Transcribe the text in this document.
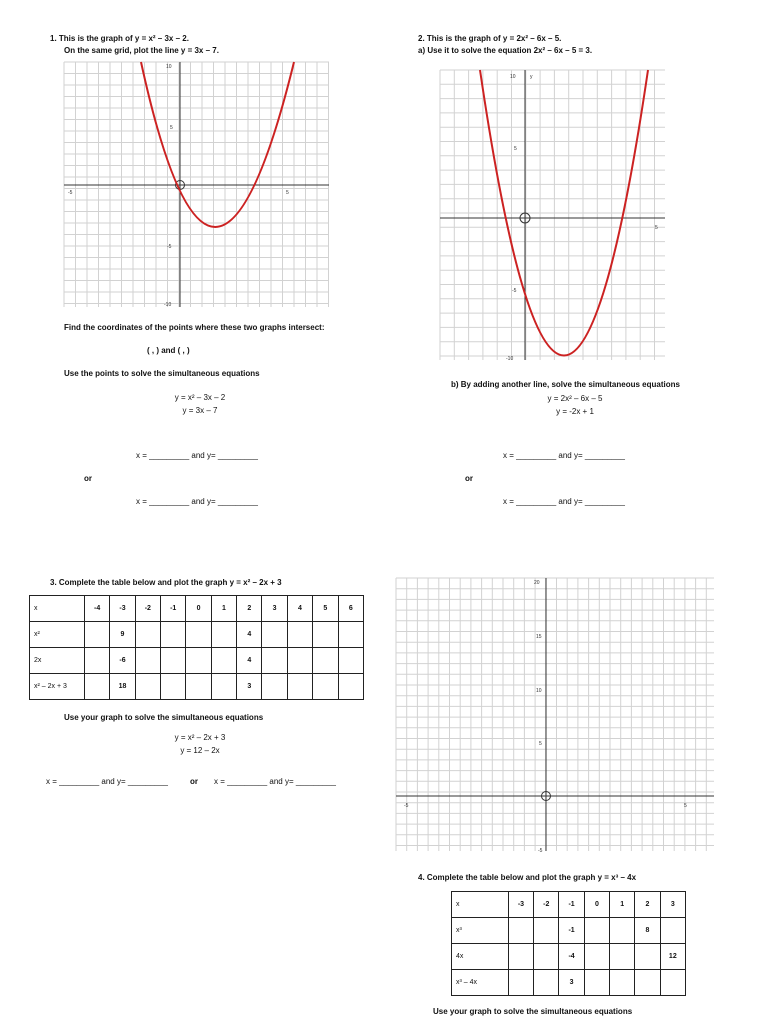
1. This is the graph of y = x² – 3x – 2.
On the same grid, plot the line y = 3x – 7.
10
5
-5
-10
-5	5
Find the coordinates of the points where these two graphs intersect:
( , ) and ( , )
Use the points to solve the simultaneous equations
y = x² – 3x – 2
y = 3x – 7
x = _________ and y= _________
or
x = _________ and y= _________
2. This is the graph of y = 2x² – 6x – 5.
a) Use it to solve the equation 2x² – 6x – 5 = 3.
10	y
5
-5
-10
5
b) By adding another line, solve the simultaneous equations
y = 2x² – 6x – 5
y = -2x + 1
x = _________ and y= _________
or
x = _________ and y= _________
3. Complete the table below and plot the graph y = x² – 2x + 3
x	-4	-3	-2	-1	0	1	2	3	4	5	6
x²		9					4				
2x		-6					4				
x² – 2x + 3		18					3				
Use your graph to solve the simultaneous equations
y = x² – 2x + 3
y = 12 – 2x
x = _________ and y= _________	or x = _________ and y= _________
20
15
10
5
-5
-5	5
4. Complete the table below and plot the graph y = x³ – 4x
x	-3	-2	-1	0	1	2	3
x³			-1			8	
4x			-4				12
x³ – 4x			3				
Use your graph to solve the simultaneous equations
